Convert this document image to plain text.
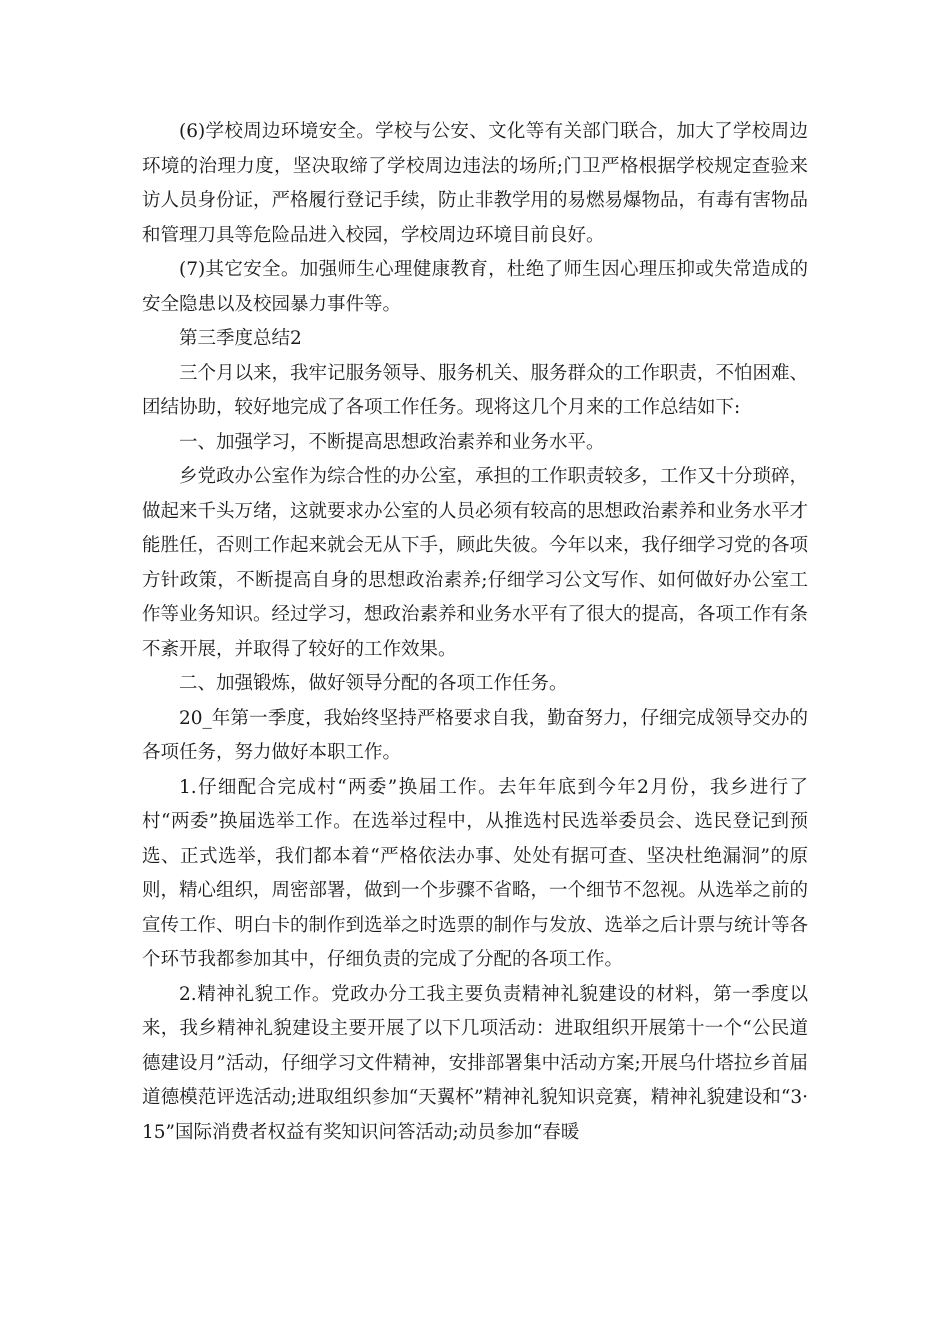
(6)学校周边环境安全。学校与公安、文化等有关部门联合，加大了学校周边环境的治理力度，坚决取缔了学校周边违法的场所;门卫严格根据学校规定查验来访人员身份证，严格履行登记手续，防止非教学用的易燃易爆物品，有毒有害物品和管理刀具等危险品进入校园，学校周边环境目前良好。

(7)其它安全。加强师生心理健康教育，杜绝了师生因心理压抑或失常造成的安全隐患以及校园暴力事件等。

第三季度总结2

三个月以来，我牢记服务领导、服务机关、服务群众的工作职责，不怕困难、团结协助，较好地完成了各项工作任务。现将这几个月来的工作总结如下:

一、加强学习，不断提高思想政治素养和业务水平。

乡党政办公室作为综合性的办公室，承担的工作职责较多，工作又十分琐碎，做起来千头万绪，这就要求办公室的人员必须有较高的思想政治素养和业务水平才能胜任，否则工作起来就会无从下手，顾此失彼。今年以来，我仔细学习党的各项方针政策，不断提高自身的思想政治素养;仔细学习公文写作、如何做好办公室工作等业务知识。经过学习，想政治素养和业务水平有了很大的提高，各项工作有条不紊开展，并取得了较好的工作效果。

二、加强锻炼，做好领导分配的各项工作任务。

20_年第一季度，我始终坚持严格要求自我，勤奋努力，仔细完成领导交办的各项任务，努力做好本职工作。

1.仔细配合完成村“两委”换届工作。去年年底到今年2月份，我乡进行了村“两委”换届选举工作。在选举过程中，从推选村民选举委员会、选民登记到预选、正式选举，我们都本着“严格依法办事、处处有据可查、坚决杜绝漏洞”的原则，精心组织，周密部署，做到一个步骤不省略，一个细节不忽视。从选举之前的宣传工作、明白卡的制作到选举之时选票的制作与发放、选举之后计票与统计等各个环节我都参加其中，仔细负责的完成了分配的各项工作。

2.精神礼貌工作。党政办分工我主要负责精神礼貌建设的材料，第一季度以来，我乡精神礼貌建设主要开展了以下几项活动：进取组织开展第十一个“公民道德建设月”活动，仔细学习文件精神，安排部署集中活动方案;开展乌什塔拉乡首届道德模范评选活动;进取组织参加“天翼杯”精神礼貌知识竞赛，精神礼貌建设和“3·15”国际消费者权益有奖知识问答活动;动员参加“春暖
